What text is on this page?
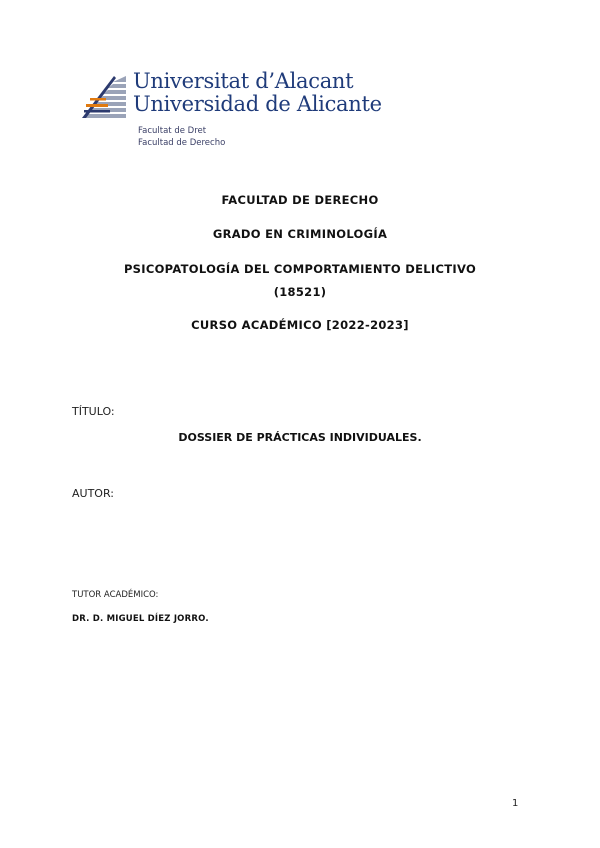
Universitat d’Alacant
Universidad de Alicante
Facultat de Dret
Facultad de Derecho
FACULTAD DE DERECHO
GRADO EN CRIMINOLOGÍA
PSICOPATOLOGÍA DEL COMPORTAMIENTO DELICTIVO
(18521)
CURSO ACADÉMICO [2022-2023]
TÍTULO:
DOSSIER DE PRÁCTICAS INDIVIDUALES.
AUTOR:
TUTOR ACADÉMICO:
DR. D. MIGUEL DÍEZ JORRO.
1
